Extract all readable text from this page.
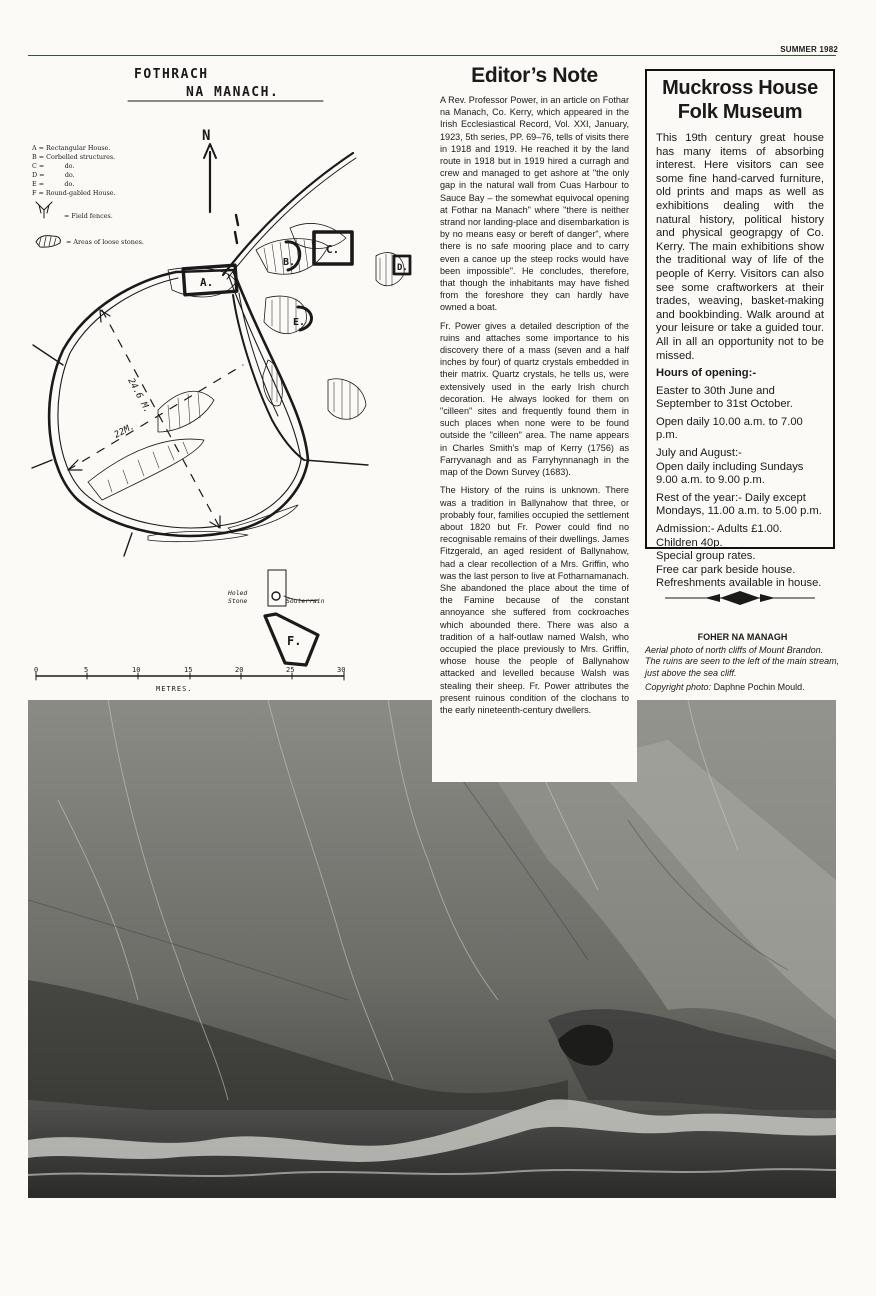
SUMMER 1982
FOTHRACH
NA MANACH.
N
A = Rectangular House.
B = Corbelled structures.
C =          do.
D =          do.
E =          do.
F = Round-gabled House.
= Field fences.
= Areas of loose stones.
A.
B.
C.
D.
E.
F.
24.6 M.
22M.
Holed
Stone	Souterrain
0	5	10	15	20	25	30
METRES.
Editor’s Note

A Rev. Professor Power, in an article on Fothar na Manach, Co. Kerry, which appeared in the Irish Ecclesiastical Record, Vol. XXI, January, 1923, 5th series, PP. 69–76, tells of visits there in 1918 and 1919. He reached it by the land route in 1918 but in 1919 hired a curragh and crew and managed to get ashore at "the only gap in the natural wall from Cuas Harbour to Sauce Bay – the somewhat equivocal opening at Fothar na Manach" where "there is neither strand nor landing-place and disembarkation is by no means easy or bereft of danger", where there is no safe mooring place and to carry even a canoe up the steep rocks would have been impossible". He concludes, therefore, that though the inhabitants may have fished from the foreshore they can hardly have owned a boat.

Fr. Power gives a detailed description of the ruins and attaches some importance to his discovery there of a mass (seven and a half inches by four) of quartz crystals embedded in their matrix. Quartz crystals, he tells us, were extensively used in the early Irish church decoration. He always looked for them on "cilleen" sites and frequently found them in such places when none were to be found outside the "cilleen" area. The name appears in Charles Smith's map of Kerry (1756) as Farryvanagh and as Farryhynnanagh in the map of the Down Survey (1683).

The History of the ruins is unknown. There was a tradition in Ballynahow that three, or probably four, families occupied the settlement about 1820 but Fr. Power could find no recognisable remains of their dwellings. James Fitzgerald, an aged resident of Ballynahow, had a clear recollection of a Mrs. Griffin, who was the last person to live at Fotharnamanach. She abandoned the place about the time of the Famine because of the constant annoyance she suffered from cockroaches which abounded there. There was also a tradition of a half-outlaw named Walsh, who occupied the place previously to Mrs. Griffin, whose house the people of Ballynahow attacked and levelled because Walsh was stealing their sheep. Fr. Power attributes the present ruinous condition of the clochans to the early nineteenth-century dwellers.

Muckross House
Folk Museum

This 19th century great house has many items of absorbing interest. Here visitors can see some fine hand-carved furniture, old prints and maps as well as exhibitions dealing with the natural history, political history and physical geograpgy of Co. Kerry. The main exhibitions show the traditional way of life of the people of Kerry. Visitors can also see some craftworkers at their trades, weaving, basket-making and bookbinding. Walk around at your leisure or take a guided tour. All in all an opportunity not to be missed.

Hours of opening:-

Easter to 30th June and September to 31st October.

Open daily 10.00 a.m. to 7.00 p.m.

July and August:-
Open daily including Sundays 9.00 a.m. to 9.00 p.m.

Rest of the year:- Daily except Mondays, 11.00 a.m. to 5.00 p.m.

Admission:- Adults £1.00.
Children 40p.
Special group rates.
Free car park beside house.
Refreshments available in house.

FOHER NA MANAGH
Aerial photo of north cliffs of Mount Brandon. The ruins are seen to the left of the main stream, just above the sea cliff.
Copyright photo: Daphne Pochin Mould.
